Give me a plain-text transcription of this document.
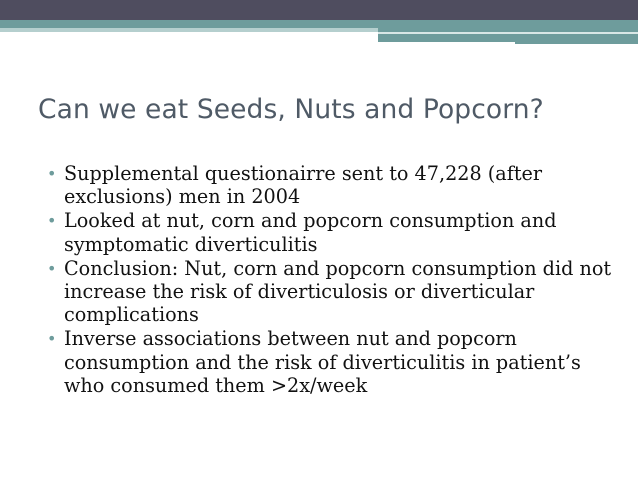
Can we eat Seeds, Nuts and Popcorn?
• Supplemental questionairre sent to 47,228 (after exclusions) men in 2004
• Looked at nut, corn and popcorn consumption and symptomatic diverticulitis
• Conclusion: Nut, corn and popcorn consumption did not increase the risk of diverticulosis or diverticular complications
• Inverse associations between nut and popcorn consumption and the risk of diverticulitis in patient’s who consumed them >2x/week
